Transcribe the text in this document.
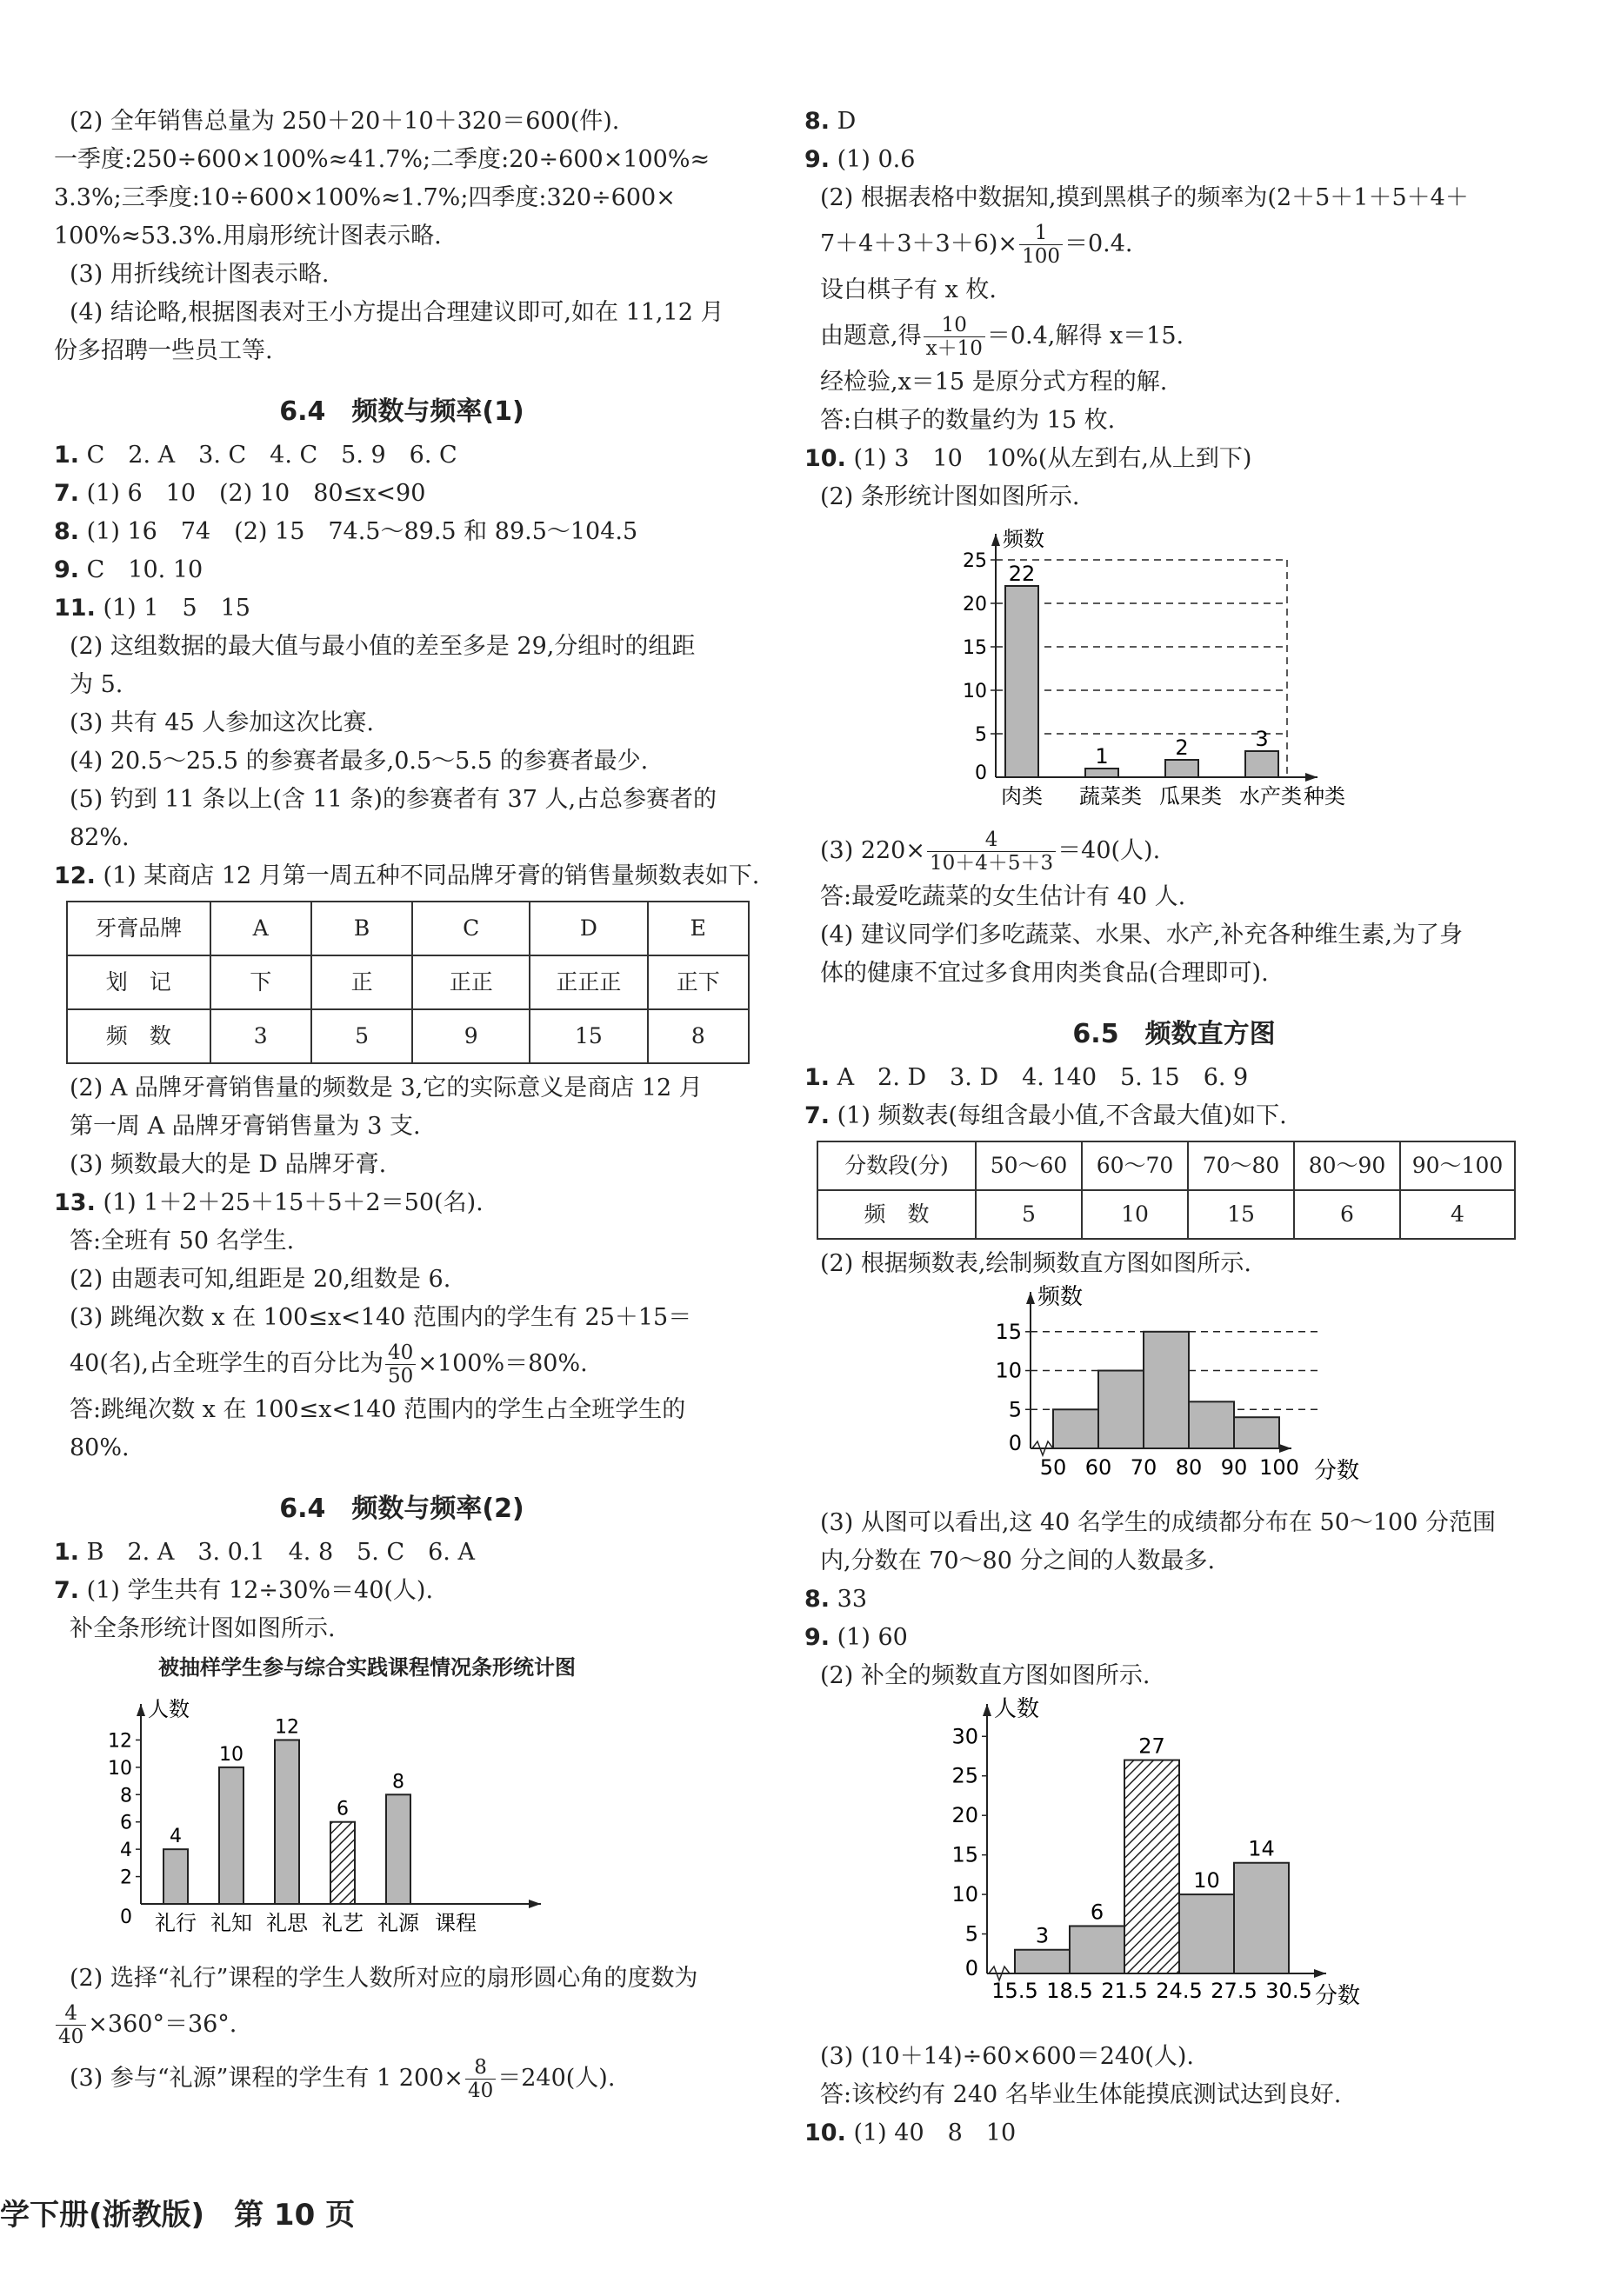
(2) 全年销售总量为 250＋20＋10＋320＝600(件).
一季度:250÷600×100%≈41.7%;二季度:20÷600×100%≈
3.3%;三季度:10÷600×100%≈1.7%;四季度:320÷600×
100%≈53.3%.用扇形统计图表示略.
(3) 用折线统计图表示略.
(4) 结论略,根据图表对王小方提出合理建议即可,如在 11,12 月
份多招聘一些员工等.
6.4　频数与频率(1)
1. C　2. A　3. C　4. C　5. 9　6. C
7. (1) 6　10　(2) 10　80≤x<90
8. (1) 16　74　(2) 15　74.5～89.5 和 89.5～104.5
9. C　10. 10
11. (1) 1　5　15
(2) 这组数据的最大值与最小值的差至多是 29,分组时的组距
为 5.
(3) 共有 45 人参加这次比赛.
(4) 20.5～25.5 的参赛者最多,0.5～5.5 的参赛者最少.
(5) 钓到 11 条以上(含 11 条)的参赛者有 37 人,占总参赛者的
82%.
12. (1) 某商店 12 月第一周五种不同品牌牙膏的销售量频数表如下.
牙膏品牌	A	B	C	D	E
划　记	下	正	正正	正正正	正下
频　数	3	5	9	15	8
(2) A 品牌牙膏销售量的频数是 3,它的实际意义是商店 12 月
第一周 A 品牌牙膏销售量为 3 支.
(3) 频数最大的是 D 品牌牙膏.
13. (1) 1＋2＋25＋15＋5＋2＝50(名).
答:全班有 50 名学生.
(2) 由题表可知,组距是 20,组数是 6.
(3) 跳绳次数 x 在 100≤x<140 范围内的学生有 25＋15＝
40(名),占全班学生的百分比为 $\frac{40}{50} \times 100\%=80\%$.
答:跳绳次数 x 在 100≤x<140 范围内的学生占全班学生的
80%.
6.4　频数与频率(2)
1. B　2. A　3. 0.1　4. 8　5. C　6. A
7. (1) 学生共有 12÷30%＝40(人).
补全条形统计图如图所示.
被抽样学生参与综合实践课程情况条形统计图
人数
课程
0
2
4
6
8
10
12
4
礼行
10
礼知
12
礼思
6
礼艺
8
礼源
(2) 选择“礼行”课程的学生人数所对应的扇形圆心角的度数为
$\frac{4}{40} \times 360^\circ=36^\circ$.
(3) 参与“礼源”课程的学生有 1 $200\times \frac{8}{40} =240$(人).
8. D
9. (1) 0.6
(2) 根据表格中数据知,摸到黑棋子的频率为(2＋5＋1＋5＋4＋
$7+4+3+3+6)\times \frac{1}{100} =0.4$.
设白棋子有 x 枚.
由题意,得 $\frac{10}{x+10} =0.4$,解得 x＝15.
经检验,x＝15 是原分式方程的解.
答:白棋子的数量约为 15 枚.
10. (1) 3　10　10%(从左到右,从上到下)
(2) 条形统计图如图所示.
频数
种类
0
5
10
15
20
25
22
肉类
1
蔬菜类
2
瓜果类
3
水产类
(3) $220\times \frac{4}{10+4+5+3} =40$(人).
答:最爱吃蔬菜的女生估计有 40 人.
(4) 建议同学们多吃蔬菜、水果、水产,补充各种维生素,为了身
体的健康不宜过多食用肉类食品(合理即可).
6.5　频数直方图
1. A　2. D　3. D　4. 140　5. 15　6. 9
7. (1) 频数表(每组含最小值,不含最大值)如下.
分数段(分)	50～60	60～70	70～80	80～90	90～100
频　数	5	10	15	6	4
(2) 根据频数表,绘制频数直方图如图所示.
频数
分数
0
5
10
15
50 60 70 80 90 100
(3) 从图可以看出,这 40 名学生的成绩都分布在 50～100 分范围
内,分数在 70～80 分之间的人数最多.
8. 33
9. (1) 60
(2) 补全的频数直方图如图所示.
人数
分数
0
5
10
15
20
25
30
3
6
27
10
14
15.5 18.5 21.5 24.5 27.5 30.5
(3) (10＋14)÷60×600＝240(人).
答:该校约有 240 名毕业生体能摸底测试达到良好.
10. (1) 40　8　10
学下册(浙教版)　第 10 页
